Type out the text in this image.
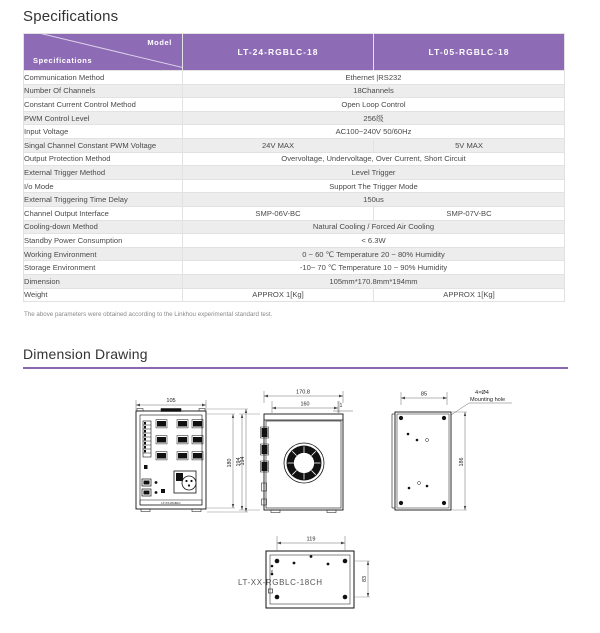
Specifications
Model
Specifications	LT-24-RGBLC-18	LT-05-RGBLC-18
Communication Method	Ethernet |RS232	
Number Of Channels	18Channels	
Constant Current Control Method	Open Loop Control	
PWM Control Level	256级	
Input Voltage	AC100~240V 50/60Hz	
Singal Channel Constant PWM Voltage	24V MAX	5V MAX
Output Protection Method	Overvoltage, Undervoltage, Over Current, Short Circuit	
External Trigger Method	Level Trigger	
I/o Mode	Support The Trigger Mode	
External Triggering Time Delay	150us	
Channel Output Interface	SMP-06V-BC	SMP-07V-BC
Cooling-down Method	Natural Cooling / Forced Air Cooling	
Standby Power Consumption	< 6.3W	
Working Environment	0 ~ 60 ℃ Temperature 20 ~ 80% Humidity	
Storage Environment	-10~ 70 ℃ Temperature 10 ~ 90% Humidity	
Dimension	105mm*170.8mm*194mm	
Weight	APPROX 1[Kg]	APPROX 1[Kg]
The above parameters were obtained according to the Linkhou experimental standard test.
Dimension Drawing
105
LT-XX-RGBLC
180 194
170.8
160	1
194
85	4×Ø4
Mounting hole
186
119
IN
83
LT-XX-RGBLC-18CH
